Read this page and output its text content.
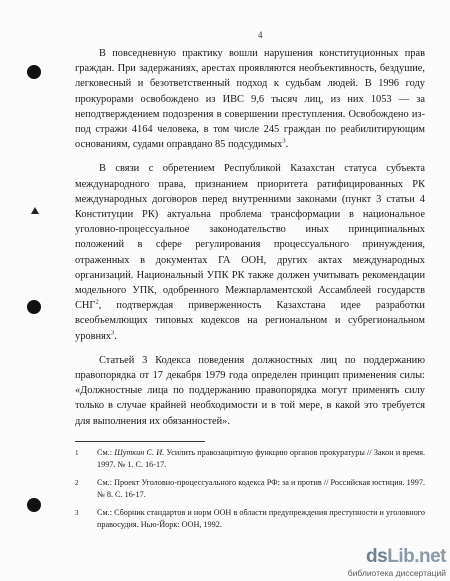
4

В повседневную практику вошли нарушения конституционных прав граждан. При задержаниях, арестах проявляются необъективность, бездушие, легковесный и безответственный подход к судьбам людей. В 1996 году прокурорами освобождено из ИВС 9,6 тысяч лиц, из них 1053 — за неподтверждением подозрения в совершении преступления. Освобождено из-под стражи 4164 человека, в том числе 245 граждан по реабилитирующим основаниям, судами оправдано 85 подсудимых$^3$.

В связи с обретением Республикой Казахстан статуса субъекта международного права, признанием приоритета ратифицированных РК международных договоров перед внутренними законами (пункт 3 статьи 4 Конституции РК) актуальна проблема трансформации в национальное уголовно-процессуальное законодательство иных принципиальных положений в сфере регулирования процессуального принуждения, отраженных в документах ГА ООН, других актах международных организаций. Национальный УПК РК также должен учитывать рекомендации модельного УПК, одобренного Межпарламентской Ассамблеей государств СНГ$^2$, подтверждая приверженность Казахстана идее разработки всеобъемлющих типовых кодексов на региональном и субрегиональном уровнях$^3$.

Статьей 3 Кодекса поведения должностных лиц по поддержанию правопорядка от 17 декабря 1979 года определен принцип применения силы: «Должностные лица по поддержанию правопорядка могут применять силу только в случае крайней необходимости и в той мере, в какой это требуется для выполнения их обязанностей».

1	См.: Шуткин С. И. Усилить правозащитную функцию органов прокуратуры // Закон и время. 1997. № 1. С. 16-17.
2	См.: Проект Уголовно-процессуального кодекса РФ: за и против // Российская юстиция. 1997. № 8. С. 16-17.
3	См.: Сборник стандартов и норм ООН в области предупреждения преступности и уголовного правосудия. Нью-Йорк: ООН, 1992.
dsLib.net
библиотека диссертаций
